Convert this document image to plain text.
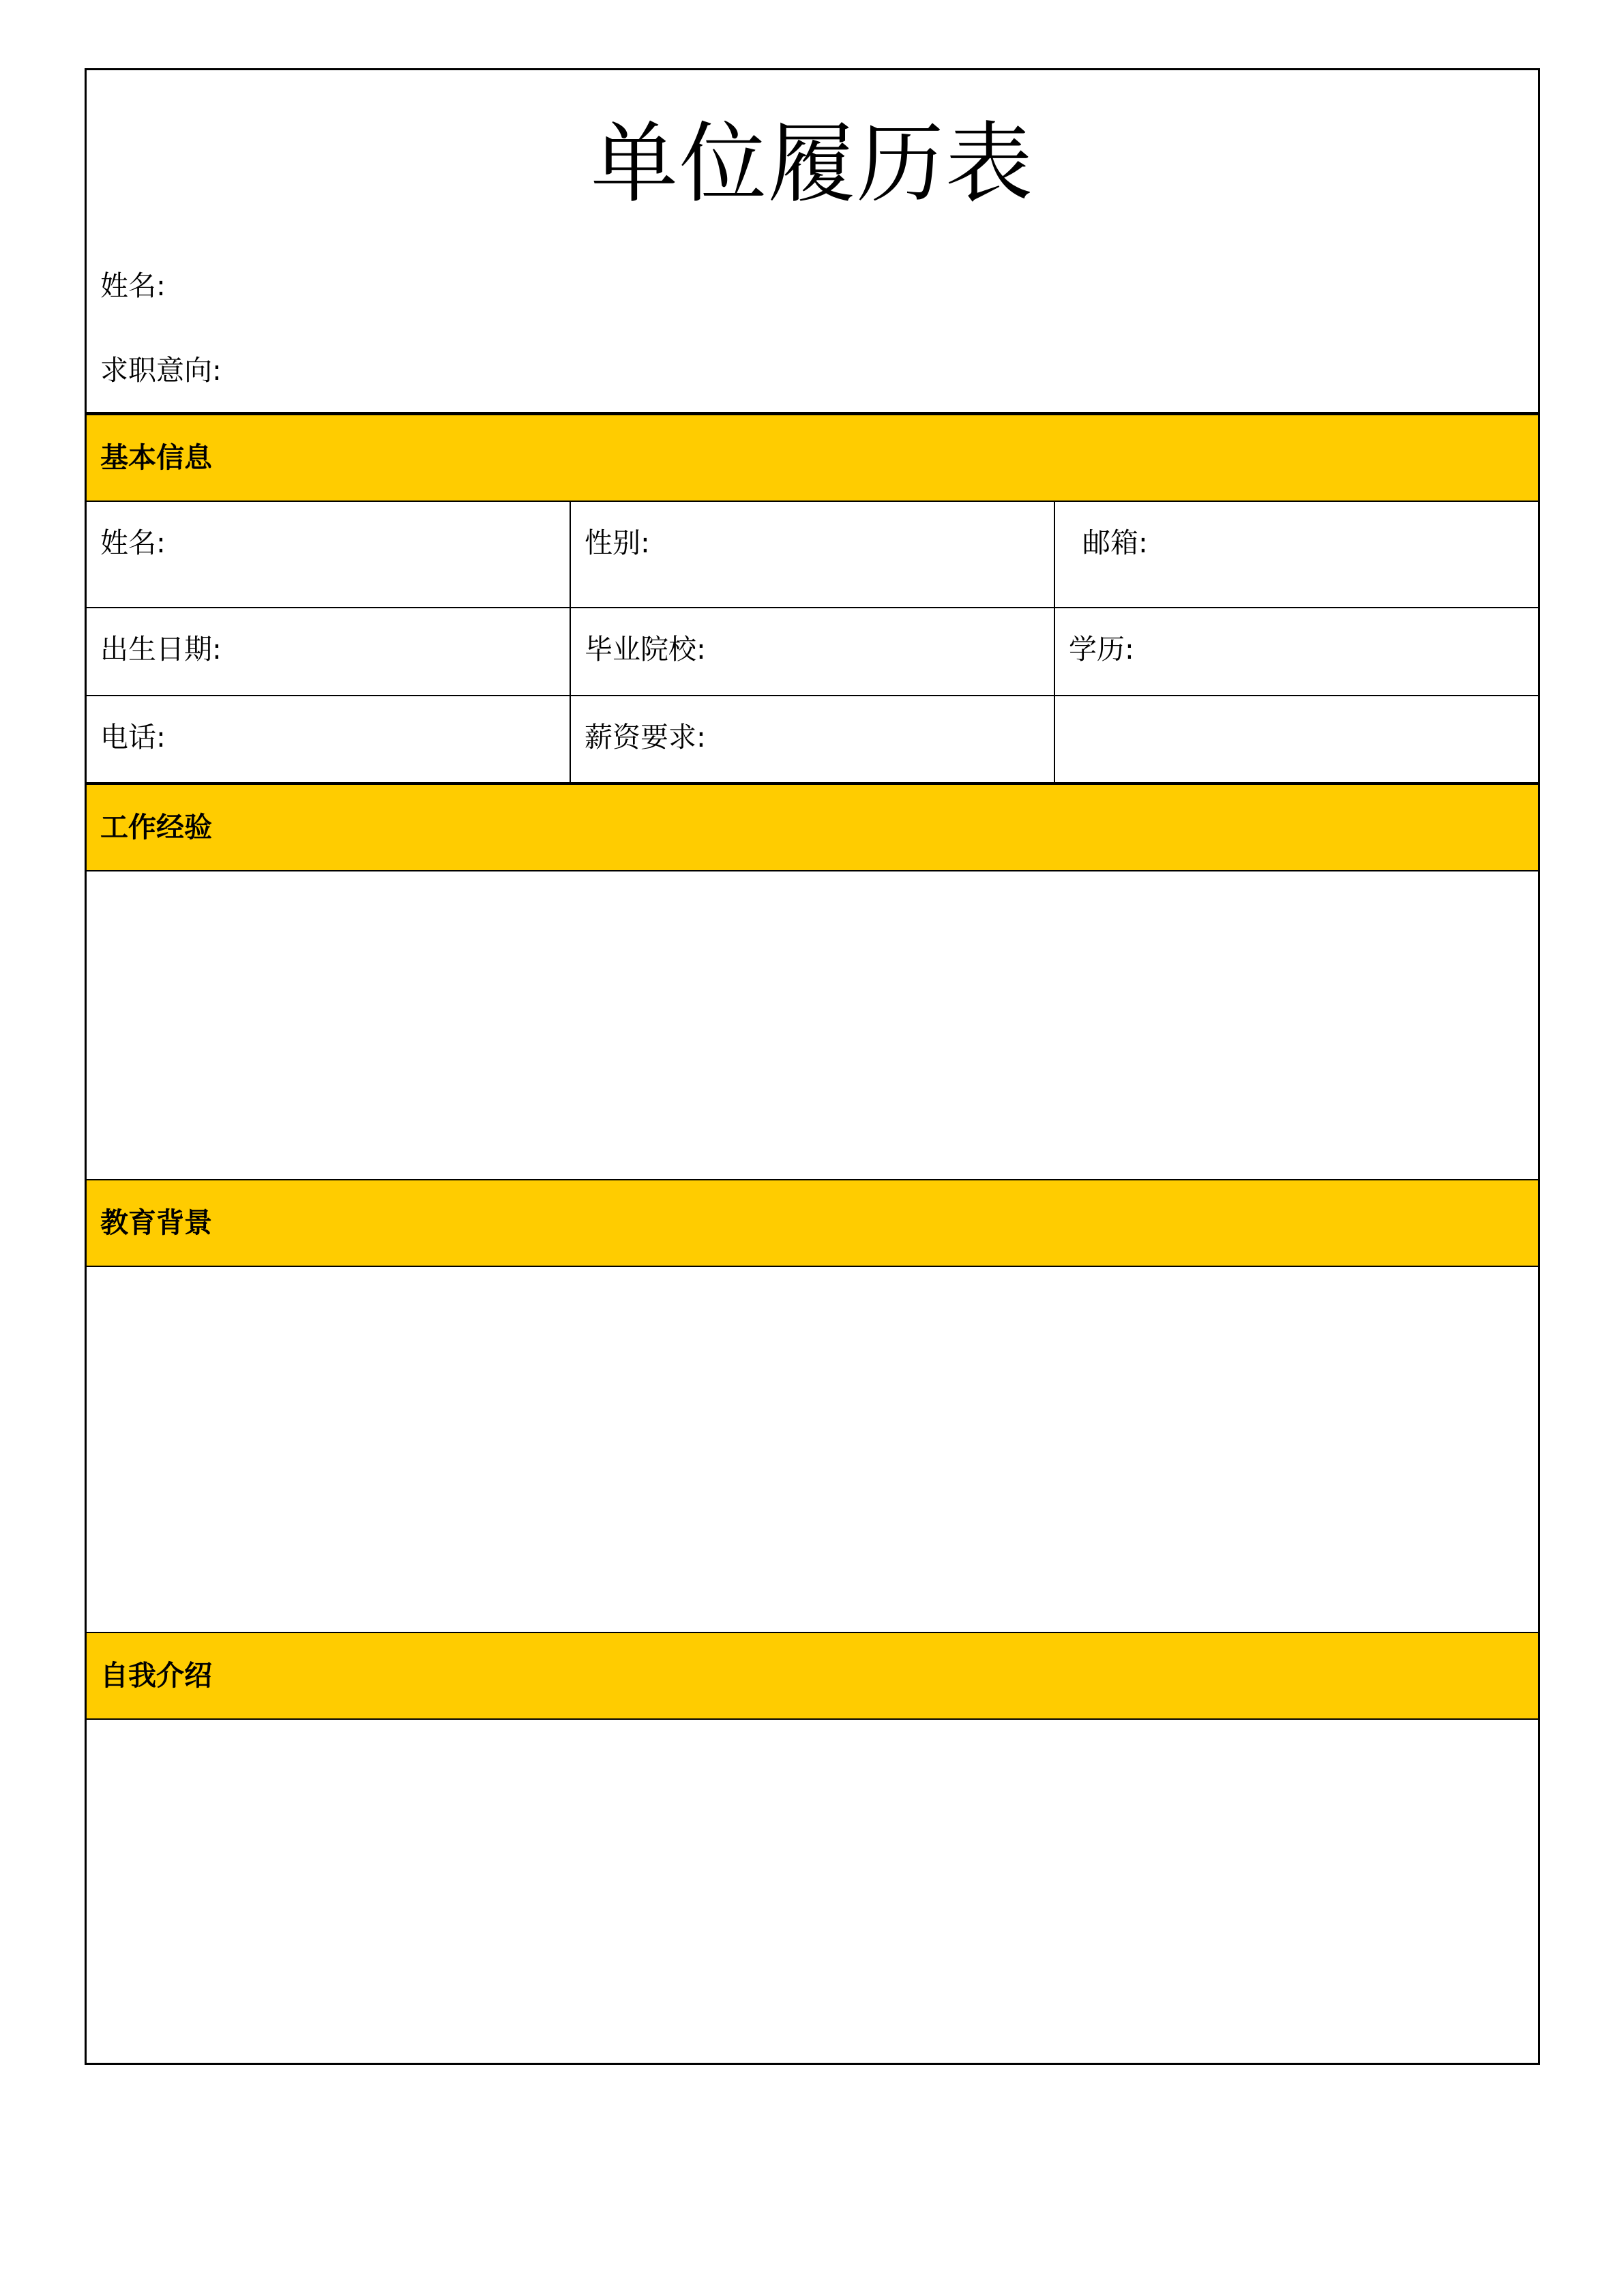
单位履历表
姓名:
求职意向:
基本信息
姓名:	性别:	邮箱:
出生日期:	毕业院校:	学历:
电话:	薪资要求:
工作经验
教育背景
自我介绍
